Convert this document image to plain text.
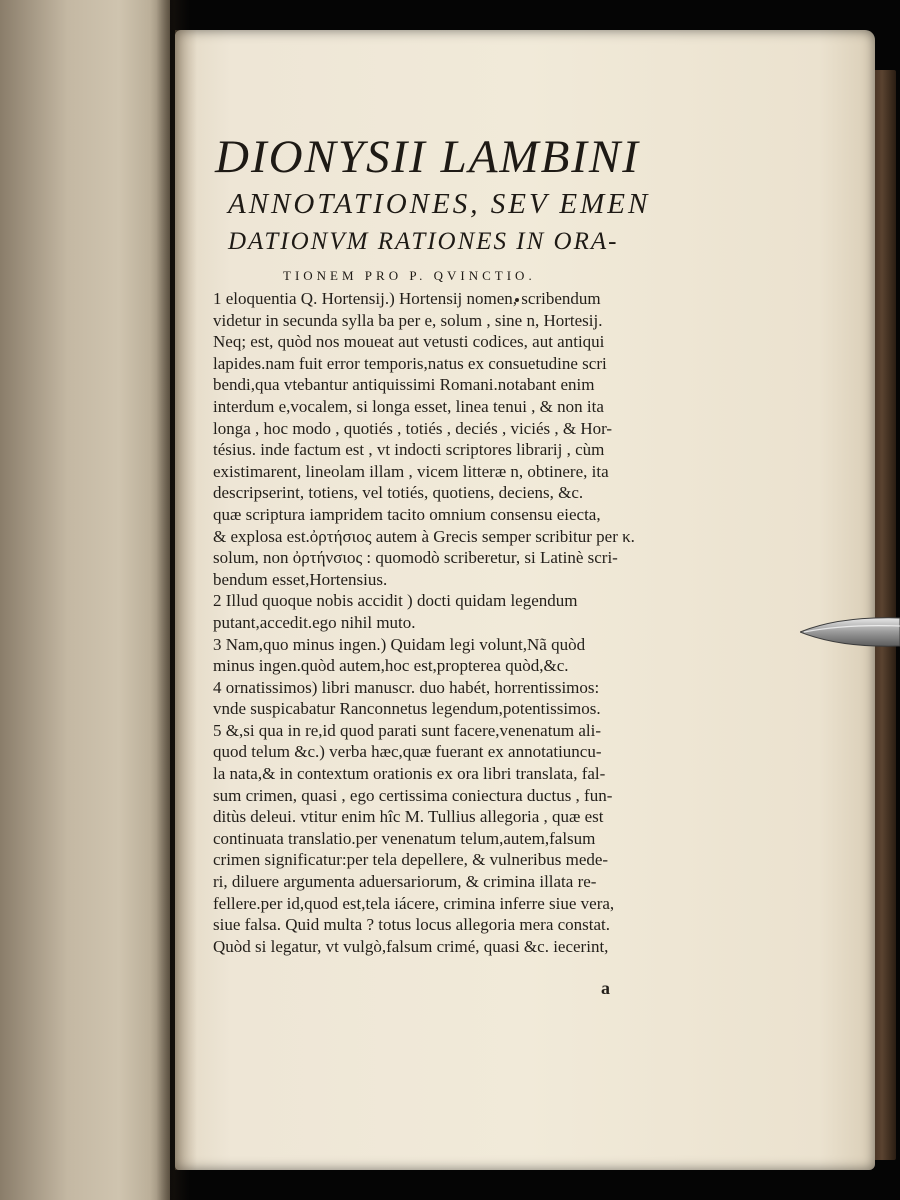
DIONYSII LAMBINI
ANNOTATIONES, SEV EMEN
DATIONVM RATIONES IN ORA-
TIONEM PRO P. QVINCTIO.
1 eloquentia Q. Hortensij.) Hortensij nomen, scribendum
videtur in secunda sylla ba per e, solum , sine n, Hortesij.
Neq; est, quòd nos moueat aut vetusti codices, aut antiqui
lapides.nam fuit error temporis,natus ex consuetudine scri
bendi,qua vtebantur antiquissimi Romani.notabant enim
interdum e,vocalem, si longa esset, linea tenui , & non ita
longa , hoc modo , quotiés , totiés , deciés , viciés , & Hor-
tésius. inde factum est , vt indocti scriptores librarij , cùm
existimarent, lineolam illam , vicem litteræ n, obtinere, ita
descripserint, totiens, vel totiés, quotiens, deciens, &c.
quæ scriptura iampridem tacito omnium consensu eiecta,
& explosa est.ὀρτήσιος autem à Grecis semper scribitur per κ.
solum, non ὀρτήνσιος : quomodò scriberetur, si Latinè scri-
bendum esset,Hortensius.
2 Illud quoque nobis accidit ) docti quidam legendum
putant,accedit.ego nihil muto.
3 Nam,quo minus ingen.) Quidam legi volunt,Nã quòd
minus ingen.quòd autem,hoc est,propterea quòd,&c.
4 ornatissimos) libri manuscr. duo habét, horrentissimos:
vnde suspicabatur Ranconnetus legendum,potentissimos.
5 &,si qua in re,id quod parati sunt facere,venenatum ali-
quod telum &c.) verba hæc,quæ fuerant ex annotatiuncu-
la nata,& in contextum orationis ex ora libri translata, fal-
sum crimen, quasi , ego certissima coniectura ductus , fun-
ditùs deleui. vtitur enim hîc M. Tullius allegoria , quæ est
continuata translatio.per venenatum telum,autem,falsum
crimen significatur:per tela depellere, & vulneribus mede-
ri, diluere argumenta aduersariorum, & crimina illata re-
fellere.per id,quod est,tela iácere, crimina inferre siue vera,
siue falsa. Quid multa ? totus locus allegoria mera constat.
Quòd si legatur, vt vulgò,falsum crimé, quasi &c. iecerint,
a
